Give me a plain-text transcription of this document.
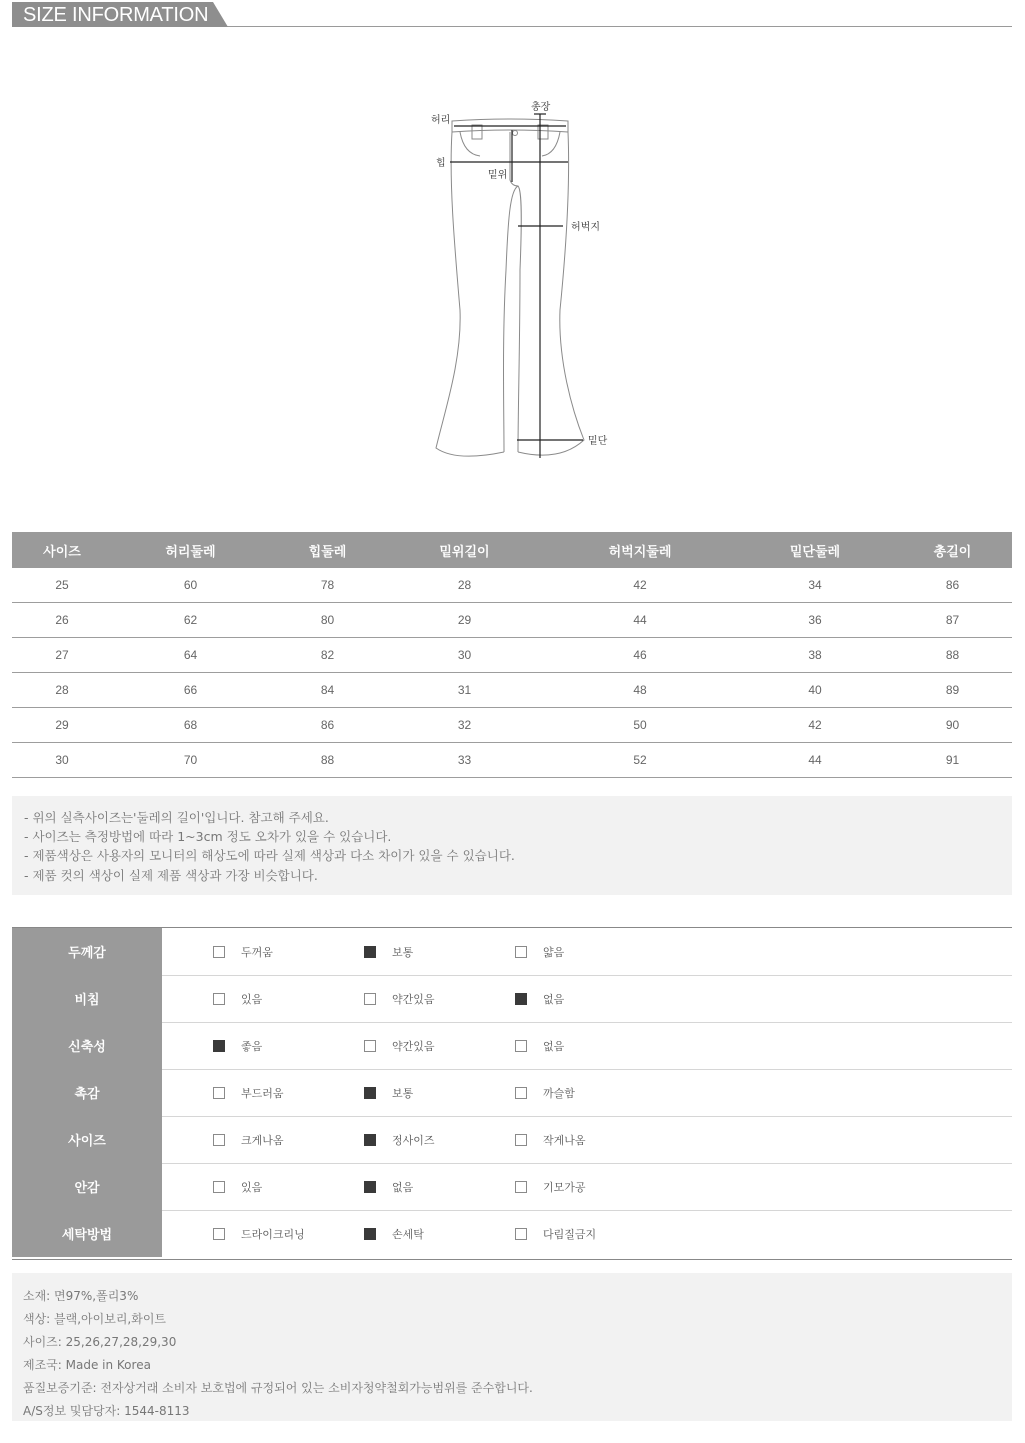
SIZE INFORMATION
허리
총장
힙
밑위
허벅지
밑단
사이즈	허리둘레	힙둘레	밑위길이	허벅지둘레	밑단둘레	총길이
25	60	78	28	42	34	86
26	62	80	29	44	36	87
27	64	82	30	46	38	88
28	66	84	31	48	40	89
29	68	86	32	50	42	90
30	70	88	33	52	44	91
- 위의 실측사이즈는'둘레의 길이'입니다. 참고해 주세요.
- 사이즈는 측정방법에 따라 1~3cm 정도 오차가 있을 수 있습니다.
- 제품색상은 사용자의 모니터의 해상도에 따라 실제 색상과 다소 차이가 있을 수 있습니다.
- 제품 컷의 색상이 실제 제품 색상과 가장 비슷합니다.
두께감	두꺼움	보통	얇음
비침	있음	약간있음	없음
신축성	좋음	약간있음	없음
촉감	부드러움	보통	까슬함
사이즈	크게나옴	정사이즈	작게나옴
안감	있음	없음	기모가공
세탁방법	드라이크리닝	손세탁	다림질금지
소재: 면97%,폴리3%
색상: 블랙,아이보리,화이트
사이즈: 25,26,27,28,29,30
제조국: Made in Korea
품질보증기준: 전자상거래 소비자 보호법에 규정되어 있는 소비자청약철회가능범위를 준수합니다.
A/S정보 및담당자: 1544-8113
